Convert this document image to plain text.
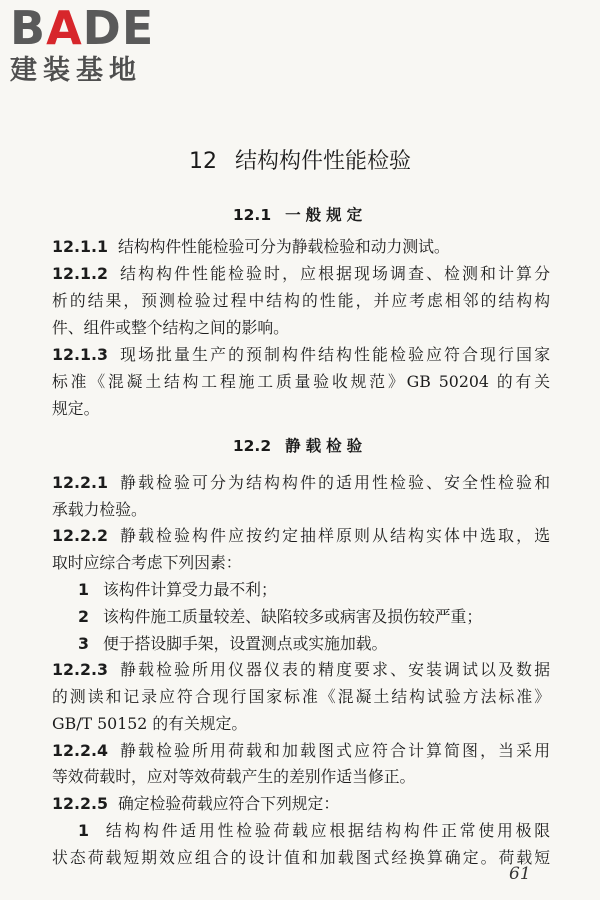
BADE
建装基地
12 结构构件性能检验
12.1 一般规定
12.1.1 结构构件性能检验可分为静载检验和动力测试。
12.1.2 结构构件性能检验时，应根据现场调查、检测和计算分
析的结果，预测检验过程中结构的性能，并应考虑相邻的结构构
件、组件或整个结构之间的影响。
12.1.3 现场批量生产的预制构件结构性能检验应符合现行国家
标准《混凝土结构工程施工质量验收规范》GB 50204 的有关
规定。
12.2 静载检验
12.2.1 静载检验可分为结构构件的适用性检验、安全性检验和
承载力检验。
12.2.2 静载检验构件应按约定抽样原则从结构实体中选取，选
取时应综合考虑下列因素：
1 该构件计算受力最不利；
2 该构件施工质量较差、缺陷较多或病害及损伤较严重；
3 便于搭设脚手架，设置测点或实施加载。
12.2.3 静载检验所用仪器仪表的精度要求、安装调试以及数据
的测读和记录应符合现行国家标准《混凝土结构试验方法标准》
GB/T 50152 的有关规定。
12.2.4 静载检验所用荷载和加载图式应符合计算简图，当采用
等效荷载时，应对等效荷载产生的差别作适当修正。
12.2.5 确定检验荷载应符合下列规定：
1 结构构件适用性检验荷载应根据结构构件正常使用极限
状态荷载短期效应组合的设计值和加载图式经换算确定。荷载短
61
